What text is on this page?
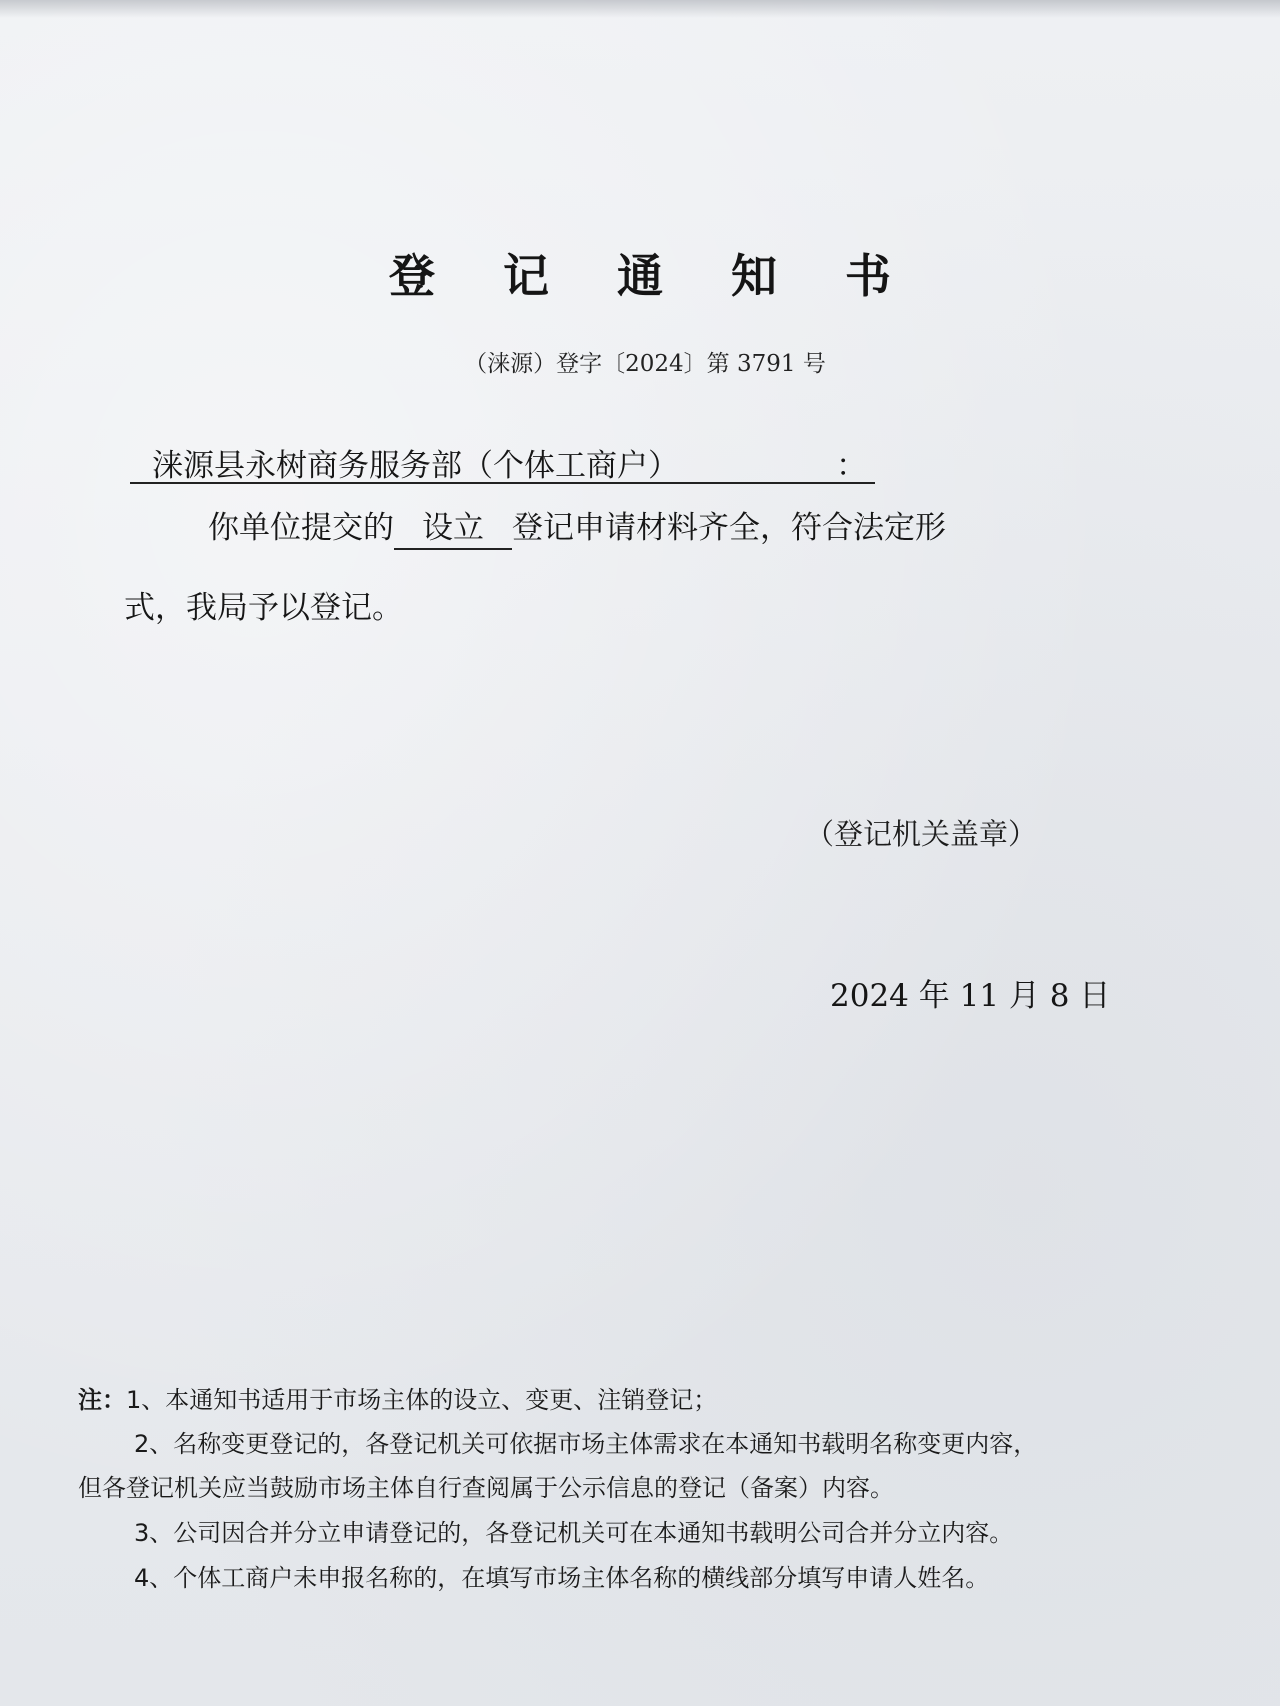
登 记 通 知 书
（涞源）登字〔2024〕第 3791 号
涞源县永树商务服务部（个体工商户）	：
你单位提交的 设立 登记申请材料齐全，符合法定形
式，我局予以登记。
（登记机关盖章）
2024 年 11 月 8 日
注：1、本通知书适用于市场主体的设立、变更、注销登记；
2、名称变更登记的，各登记机关可依据市场主体需求在本通知书载明名称变更内容，
但各登记机关应当鼓励市场主体自行查阅属于公示信息的登记（备案）内容。
3、公司因合并分立申请登记的，各登记机关可在本通知书载明公司合并分立内容。
4、个体工商户未申报名称的，在填写市场主体名称的横线部分填写申请人姓名。
